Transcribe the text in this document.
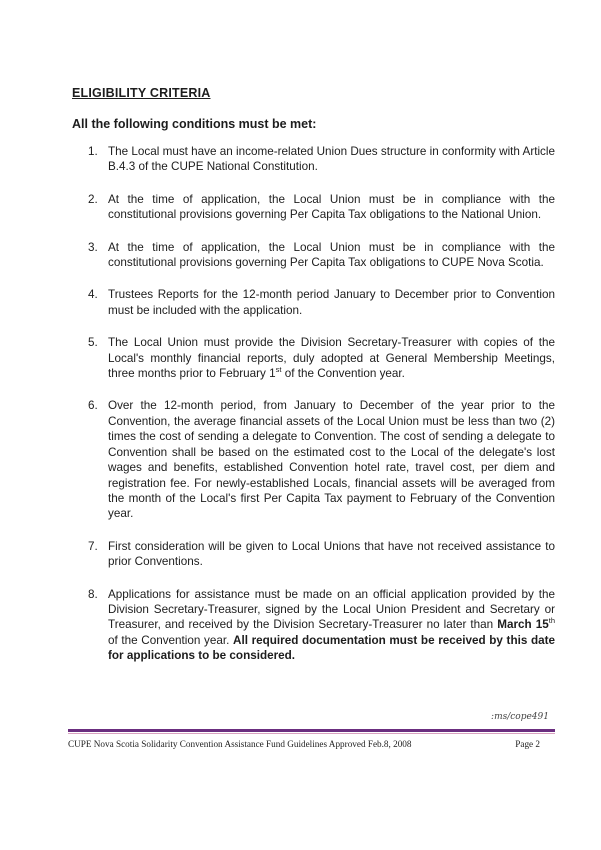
ELIGIBILITY CRITERIA
All the following conditions must be met:
1. The Local must have an income-related Union Dues structure in conformity with Article B.4.3 of the CUPE National Constitution.
2. At the time of application, the Local Union must be in compliance with the constitutional provisions governing Per Capita Tax obligations to the National Union.
3. At the time of application, the Local Union must be in compliance with the constitutional provisions governing Per Capita Tax obligations to CUPE Nova Scotia.
4. Trustees Reports for the 12-month period January to December prior to Convention must be included with the application.
5. The Local Union must provide the Division Secretary-Treasurer with copies of the Local's monthly financial reports, duly adopted at General Membership Meetings, three months prior to February 1st of the Convention year.
6. Over the 12-month period, from January to December of the year prior to the Convention, the average financial assets of the Local Union must be less than two (2) times the cost of sending a delegate to Convention. The cost of sending a delegate to Convention shall be based on the estimated cost to the Local of the delegate's lost wages and benefits, established Convention hotel rate, travel cost, per diem and registration fee. For newly-established Locals, financial assets will be averaged from the month of the Local's first Per Capita Tax payment to February of the Convention year.
7. First consideration will be given to Local Unions that have not received assistance to prior Conventions.
8. Applications for assistance must be made on an official application provided by the Division Secretary-Treasurer, signed by the Local Union President and Secretary or Treasurer, and received by the Division Secretary-Treasurer no later than March 15th of the Convention year. All required documentation must be received by this date for applications to be considered.
:ms/cope491
CUPE Nova Scotia Solidarity Convention Assistance Fund Guidelines Approved Feb.8, 2008	Page 2
